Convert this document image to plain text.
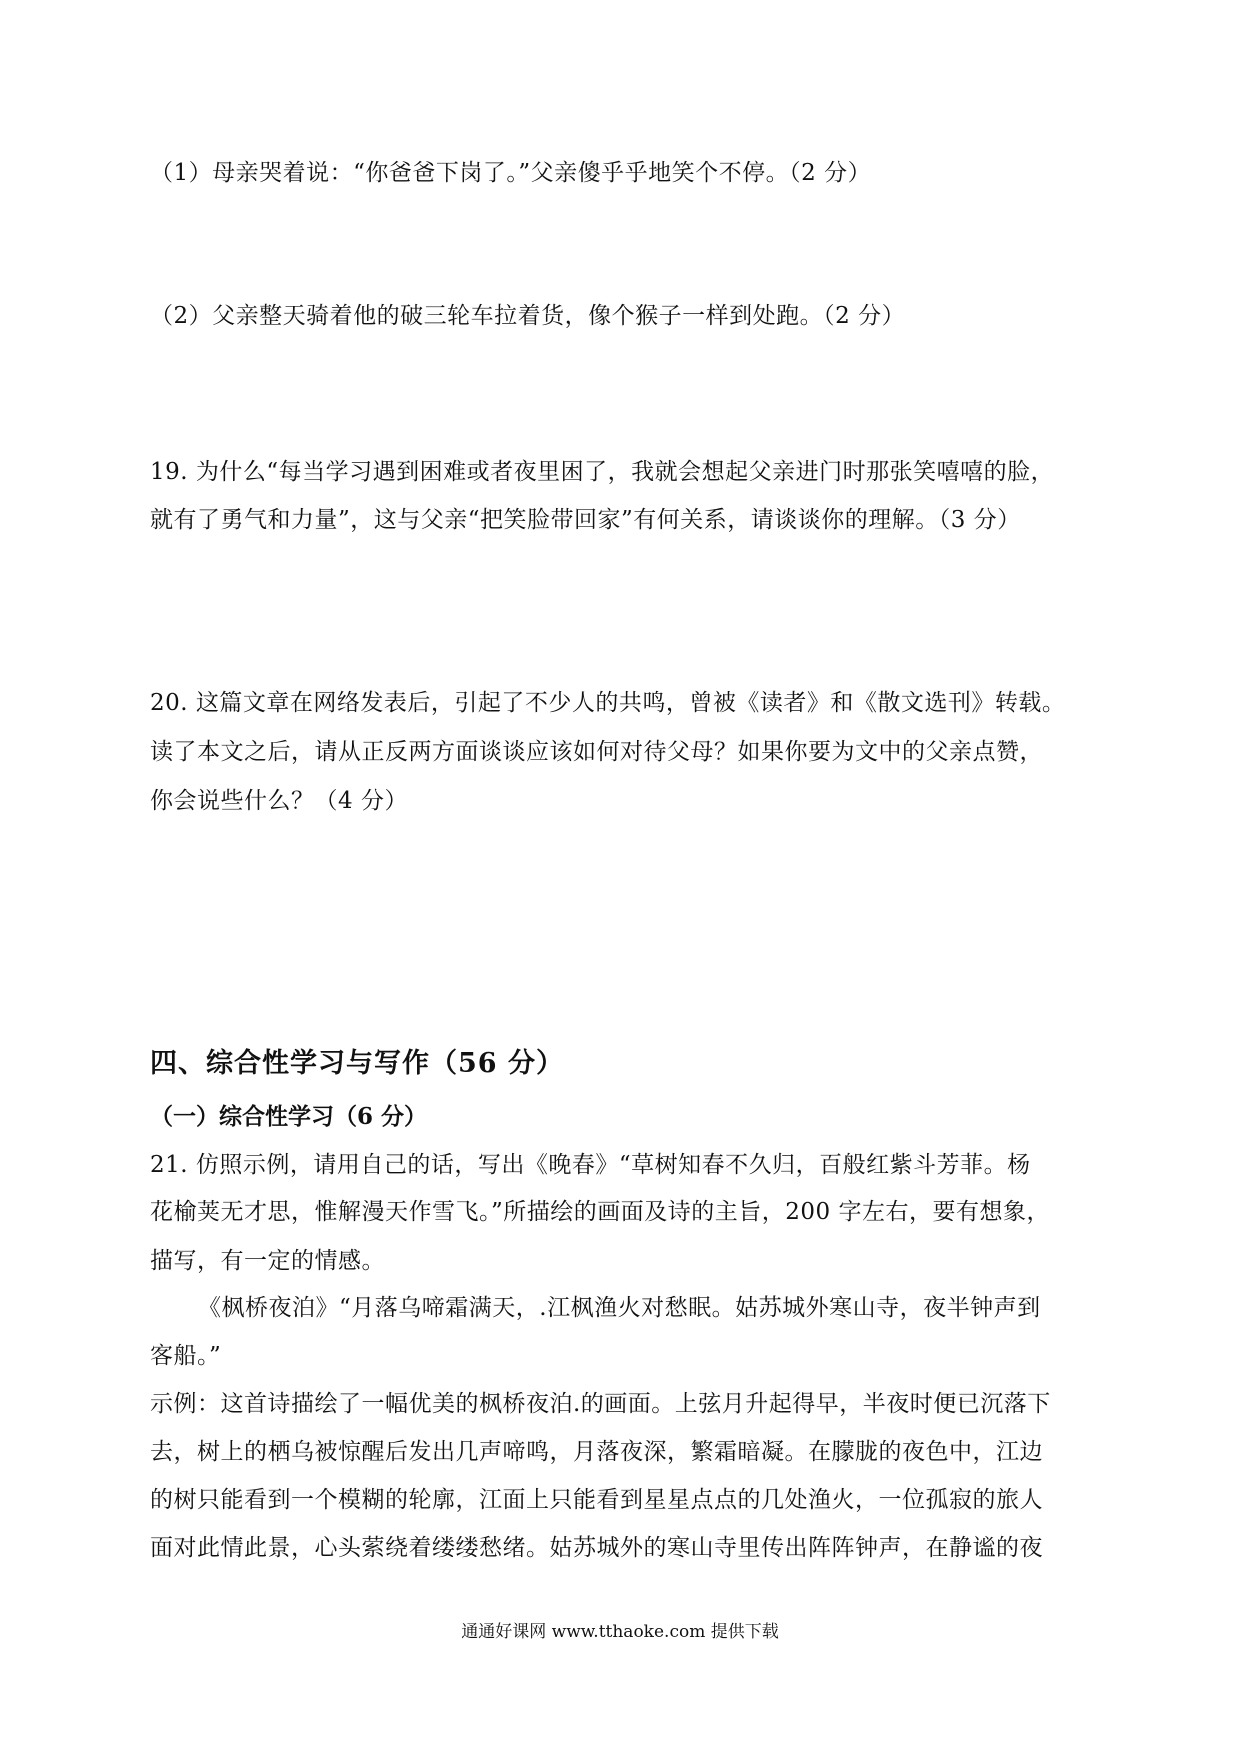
（1）母亲哭着说：“你爸爸下岗了。”父亲傻乎乎地笑个不停。（2 分）
（2）父亲整天骑着他的破三轮车拉着货，像个猴子一样到处跑。（2 分）
19. 为什么“每当学习遇到困难或者夜里困了，我就会想起父亲进门时那张笑嘻嘻的脸，
就有了勇气和力量”，这与父亲“把笑脸带回家”有何关系，请谈谈你的理解。（3 分）
20. 这篇文章在网络发表后，引起了不少人的共鸣，曾被《读者》和《散文选刊》转载。
读了本文之后，请从正反两方面谈谈应该如何对待父母？如果你要为文中的父亲点赞，
你会说些什么？（4 分）
四、综合性学习与写作（56 分）
（一）综合性学习（6 分）
21. 仿照示例，请用自己的话，写出《晚春》“草树知春不久归，百般红紫斗芳菲。杨
花榆荚无才思，惟解漫天作雪飞。”所描绘的画面及诗的主旨，200 字左右，要有想象，
描写，有一定的情感。
《枫桥夜泊》“月落乌啼霜满天，.江枫渔火对愁眠。姑苏城外寒山寺，夜半钟声到
客船。”
示例：这首诗描绘了一幅优美的枫桥夜泊.的画面。上弦月升起得早，半夜时便已沉落下
去，树上的栖乌被惊醒后发出几声啼鸣，月落夜深，繁霜暗凝。在朦胧的夜色中，江边
的树只能看到一个模糊的轮廓，江面上只能看到星星点点的几处渔火，一位孤寂的旅人
面对此情此景，心头萦绕着缕缕愁绪。姑苏城外的寒山寺里传出阵阵钟声，在静谧的夜
通通好课网 www.tthaoke.com 提供下载
